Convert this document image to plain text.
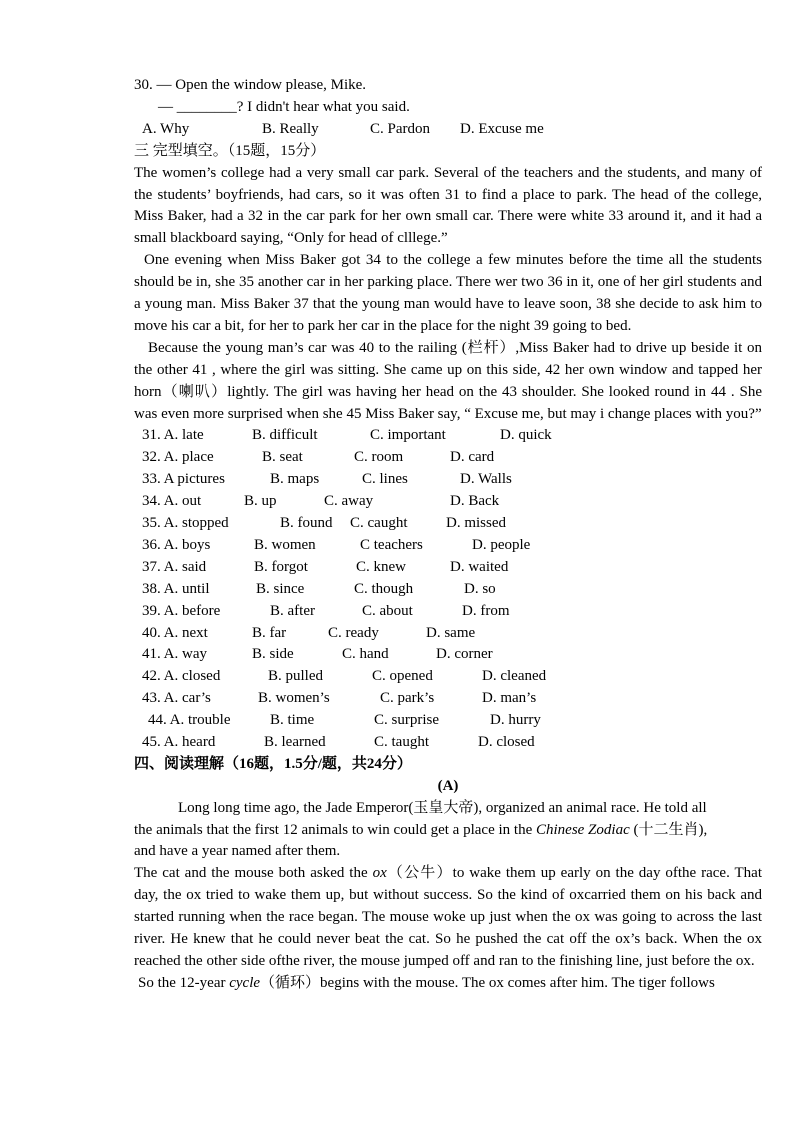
30. — Open the window please, Mike.
— ________? I didn't hear what you said.
A. Why	B. Really	C. Pardon D. Excuse me
三 完型填空。（15题，15分）
The women’s college had a very small car park. Several of the teachers and the students, and many of the students’ boyfriends, had cars, so it was often 31 to find a place to park. The head of the college, Miss Baker, had a 32 in the car park for her own small car. There were white 33 around it, and it had a small blackboard saying, “Only for head of clllege.”
One evening when Miss Baker got 34 to the college a few minutes before the time all the students should be in, she 35 another car in her parking place. There wer two 36 in it, one of her girl students and a young man. Miss Baker 37 that the young man would have to leave soon, 38 she decide to ask him to move his car a bit, for her to park her car in the place for the night 39 going to bed.
Because the young man’s car was 40 to the railing (栏杆）,Miss Baker had to drive up beside it on the other 41 , where the girl was sitting. She came up on this side, 42 her own window and tapped her horn（喇叭）lightly. The girl was having her head on the 43 shoulder. She looked round in 44 . She was even more surprised when she 45 Miss Baker say, “ Excuse me, but may i change places with you?”
31. A. late	B. difficult	C. important	D. quick
32. A. place	B. seat	C. room	D. card
33. A pictures	B. maps	C. lines	D. Walls
34. A. out	B. up	C. away	D. Back
35. A. stopped	B. found C. caught	D. missed
36. A. boys	B. women	C teachers	D. people
37. A. said	B. forgot	C. knew	D. waited
38. A. until	B. since	C. though	D. so
39. A. before	B. after	C. about	D. from
40. A. next	B. far	C. ready	D. same
41. A. way	B. side	C. hand	D. corner
42. A. closed	B. pulled	C. opened	D. cleaned
43. A. car’s	B. women’s	C. park’s	D. man’s
44. A. trouble	B. time	C. surprise	D. hurry
45. A. heard	B. learned	C. taught	D. closed
四、阅读理解（16题，1.5分/题，共24分）
(A)
Long long time ago, the Jade Emperor(玉皇大帝), organized an animal race. He told all
the animals that the first 12 animals to win could get a place in the Chinese Zodiac (十二生肖),
and have a year named after them.
The cat and the mouse both asked the ox（公牛）to wake them up early on the day ofthe race. That day, the ox tried to wake them up, but without success. So the kind of oxcarried them on his back and started running when the race began. The mouse woke up just when the ox was going to across the last river. He knew that he could never beat the cat. So he pushed the cat off the ox’s back. When the ox reached the other side ofthe river, the mouse jumped off and ran to the finishing line, just before the ox.
So the 12-year cycle（循环）begins with the mouse. The ox comes after him. The tiger follows
